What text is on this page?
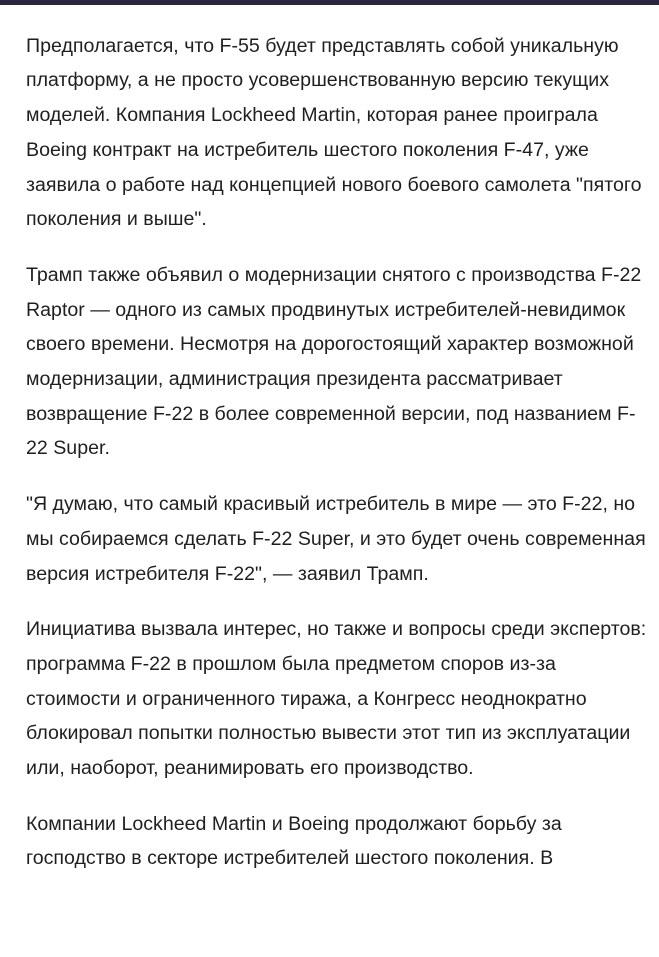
Предполагается, что F-55 будет представлять собой уникальную платформу, а не просто усовершенствованную версию текущих моделей. Компания Lockheed Martin, которая ранее проиграла Boeing контракт на истребитель шестого поколения F-47, уже заявила о работе над концепцией нового боевого самолета "пятого поколения и выше".

Трамп также объявил о модернизации снятого с производства F-22 Raptor — одного из самых продвинутых истребителей-невидимок своего времени. Несмотря на дорогостоящий характер возможной модернизации, администрация президента рассматривает возвращение F-22 в более современной версии, под названием F-22 Super.

"Я думаю, что самый красивый истребитель в мире — это F-22, но мы собираемся сделать F-22 Super, и это будет очень современная версия истребителя F-22", — заявил Трамп.

Инициатива вызвала интерес, но также и вопросы среди экспертов: программа F-22 в прошлом была предметом споров из-за стоимости и ограниченного тиража, а Конгресс неоднократно блокировал попытки полностью вывести этот тип из эксплуатации или, наоборот, реанимировать его производство.

Компании Lockheed Martin и Boeing продолжают борьбу за господство в секторе истребителей шестого поколения. В
